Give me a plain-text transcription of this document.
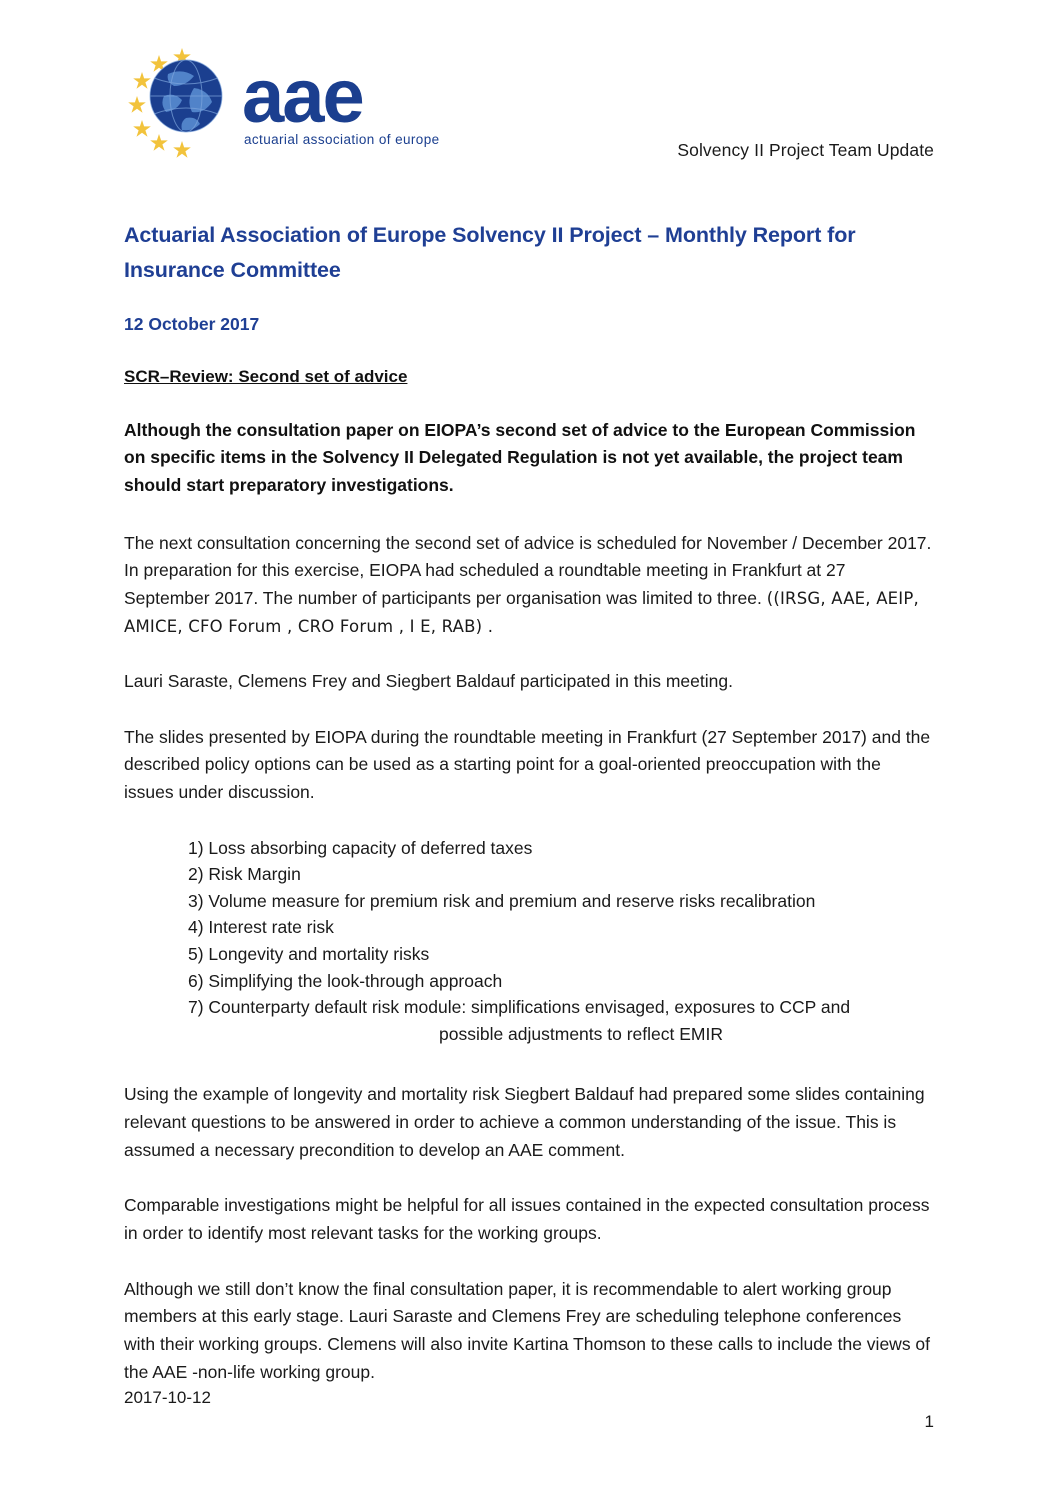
aae
actuarial association of europe
Solvency II Project Team Update
Actuarial Association of Europe Solvency II Project – Monthly Report for Insurance Committee
12 October 2017
SCR–Review: Second set of advice

Although the consultation paper on EIOPA’s second set of advice to the European Commission on specific items in the Solvency II Delegated Regulation is not yet available, the project team should start preparatory investigations.

The next consultation concerning the second set of advice is scheduled for November / December 2017. In preparation for this exercise, EIOPA had scheduled a roundtable meeting in Frankfurt at 27 September 2017. The number of participants per organisation was limited to three. ((IRSG, AAE, AEIP, AMICE, CFO Forum , CRO Forum , I E, RAB) .

Lauri Saraste, Clemens Frey and Siegbert Baldauf participated in this meeting.

The slides presented by EIOPA during the roundtable meeting in Frankfurt (27 September 2017) and the described policy options can be used as a starting point for a goal-oriented preoccupation with the issues under discussion.

1) Loss absorbing capacity of deferred taxes
2) Risk Margin
3) Volume measure for premium risk and premium and reserve risks recalibration
4) Interest rate risk
5) Longevity and mortality risks
6) Simplifying the look-through approach
7) Counterparty default risk module: simplifications envisaged, exposures to CCP and
possible adjustments to reflect EMIR

Using the example of longevity and mortality risk Siegbert Baldauf had prepared some slides containing relevant questions to be answered in order to achieve a common understanding of the issue. This is assumed a necessary precondition to develop an AAE comment.

Comparable investigations might be helpful for all issues contained in the expected consultation process in order to identify most relevant tasks for the working groups.

Although we still don’t know the final consultation paper, it is recommendable to alert working group members at this early stage. Lauri Saraste and Clemens Frey are scheduling telephone conferences with their working groups. Clemens will also invite Kartina Thomson to these calls to include the views of the AAE -non-life working group.

2017-10-12
1
